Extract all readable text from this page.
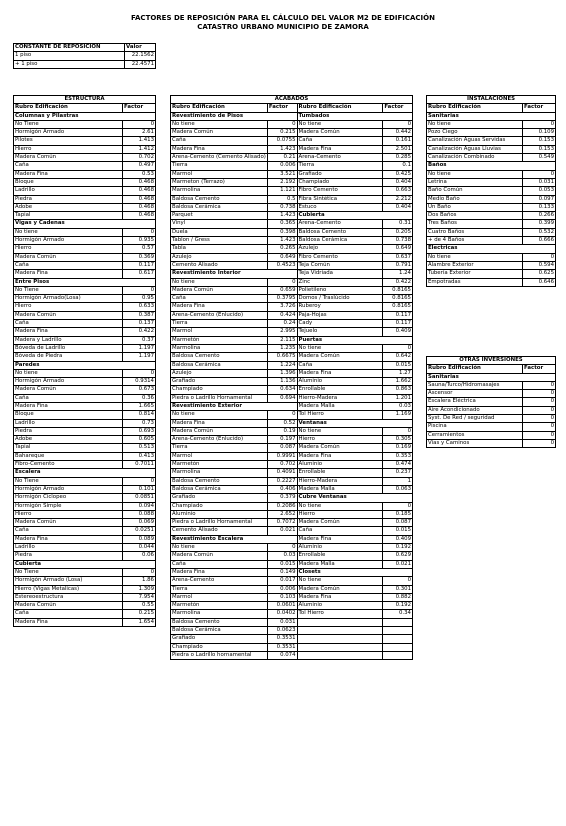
FACTORES DE REPOSICIÓN PARA EL CÁLCULO DEL VALOR M2 DE EDIFICACIÓN
CATASTRO URBANO MUNICIPIO DE ZAMORA
CONSTANTE DE REPOSICIÓN	Valor
1 piso	22.1562
+ 1 piso	22.4571
ESTRUCTURA	
Rubro Edificación	Factor
Columnas y Pilastras	
No Tiene	0
Hormigón Armado	2.61
Pilotes	1.413
Hierro	1.412
Madera Común	0.702
Caña	0.497
Madera Fina	0.53
Bloque	0.468
Ladrillo	0.468
Piedra	0.468
Adobe	0.468
Tapial	0.468
Vigas y Cadenas	
No tiene	0
Hormigón Armado	0.935
Hierro	0.57
Madera Común	0.369
Caña	0.117
Madera Fina	0.617
Entre Pisos	
No Tiene	0
Hormigón Armado(Losa)	0.95
Hierro	0.633
Madera Común	0.387
Caña	0.137
Madera Fina	0.422
Madera y Ladrillo	0.37
Bóveda de Ladrillo	1.197
Bóveda de Piedra	1.197
Paredes	
No tiene	0
Hormigón Armado	0.9314
Madera Común	0.673
Caña	0.36
Madera Fina	1.665
Bloque	0.814
Ladrillo	0.73
Piedra	0.693
Adobe	0.605
Tapial	0.513
Bahareque	0.413
Fibro-Cemento	0.7011
Escalera	
No Tiene	0
Hormigón Armado	0.101
Hormigón Ciclopeo	0.0851
Hormigón Simple	0.094
Hierro	0.088
Madera Común	0.069
Caña	0.0251
Madera Fina	0.089
Ladrillo	0.044
Piedra	0.06
Cubierta	
No Tiene	0
Hormigón Armado (Losa)	1.86
Hierro (Vigas Metalicas)	1.309
Estereoestructura	7.954
Madera Común	0.55
Caña	0.215
Madera Fina	1.654
ACABADOS			
Rubro Edificación	Factor	Rubro Edificación	Factor
Revestimiento de Pisos		Tumbados	
No tiene	0	No tiene	0
Madera Común	0.215	Madera Común	0.442
Caña	0.0755	Caña	0.161
Madera Fina	1.423	Madera Fina	2.501
Arena-Cemento (Cemento Alisado)	0.21	Arena-Cemento	0.285
Tierra	0.006	Tierra	0.1
Marmol	3.521	Grafiado	0.425
Marmeton (Terrazo)	2.192	Champiado	0.404
Marmolina	1.121	Fibro Cemento	0.663
Baldosa Cemento	0.5	Fibra Sintética	2.212
Baldosa Cerámica	0.738	Estuco	0.404
Parquet	1.423	Cubierta	
Vinyl	0.365	Arena-Cemento	0.31
Duela	0.398	Baldosa Cemento	0.205
Tablon / Gress	1.423	Baldosa Cerámica	0.738
Tabla	0.265	Azulejo	0.649
Azulejo	0.649	Fibro Cemento	0.637
Cemento Alisado	0.4523	Teja Común	0.791
Revestimiento Interior		Teja Vidriada	1.24
No tiene	0	Zinc	0.422
Madera Común	0.659	Polietileno	0.8165
Caña	0.3795	Domos / Traslúcido	0.8165
Madera Fina	3.726	Ruberoy	0.8165
Arena-Cemento (Enlucido)	0.424	Paja-Hojas	0.117
Tierra	0.24	Cady	0.117
Marmol	2.995	Tejuelo	0.409
Marmetón	2.115	Puertas	
Marmolina	1.235	No tiene	0
Baldosa Cemento	0.6675	Madera Común	0.642
Baldosa Cerámica	1.224	Caña	0.015
Azulejo	1.396	Madera Fina	1.27
Grafiado	1.136	Aluminio	1.662
Champiado	0.634	Enrollable	0.863
Piedra o Ladrillo Hornamental	0.694	Hierro-Madera	1.201
Revestimiento Exterior		Madera Malla	0.03
No tiene	0	Tol Hierro	1.169
Madera Fina	0.52	Ventanas	
Madera Común	0.19	No tiene	0
Arena-Cemento (Enlucido)	0.197	Hierro	0.305
Tierra	0.087	Madera Común	0.169
Marmol	0.9991	Madera Fina	0.353
Marmetón	0.702	Aluminio	0.474
Marmolina	0.4091	Enrollable	0.237
Baldosa Cemento	0.2227	Hierro-Madera	1
Baldosa Cerámica	0.406	Madera Malla	0.063
Grafiado	0.379	Cubre Ventanas	
Champiado	0.2086	No tiene	0
Aluminio	2.652	Hierro	0.185
Piedra o Ladrillo Hornamental	0.7072	Madera Común	0.087
Cemento Alisado	0.021	Caña	0.015
Revestimiento Escalera		Madera Fina	0.409
No tiene	0	Aluminio	0.192
Madera Común	0.03	Enrollable	0.629
Caña	0.015	Madera Malla	0.021
Madera Fina	0.149	Closets	
Arena-Cemento	0.017	No tiene	0
Tierra	0.006	Madera Común	0.301
Marmol	0.103	Madera Fina	0.882
Marmetón	0.0601	Aluminio	0.192
Marmolina	0.0402	Tol Hierro	0.34
Baldosa Cemento	0.031		
Baldosa Cerámica	0.0623		
Grafiado	0.3531		
Champiado	0.3531		
Piedra o Ladrillo hornamental	0.074		
INSTALACIONES	
Rubro Edificación	Factor
Sanitarias	
No tiene	0
Pozo Ciego	0.109
Canalización Aguas Servidas	0.153
Canalización Aguas Lluvias	0.153
Canalización Combinado	0.549
Baños	
No tiene	0
Letrina	0.031
Baño Común	0.053
Medio Baño	0.097
Un Baño	0.133
Dos Baños	0.266
Tres Baños	0.399
Cuatro Baños	0.532
+ de 4 Baños	0.666
Electricas	
No tiene	0
Alambre Exterior	0.594
Tubería Exterior	0.625
Empotradas	0.646
OTRAS INVERSIONES	
Rubro Edificación	Factor
Sanitarias	
Sauna/Turco/Hidromasajes	0
Ascensor	0
Escalera Eléctrica	0
Aire Acondicionado	0
Syst. De Red / seguridad	0
Piscina	0
Cerramientos	0
Vías y Caminos	0
